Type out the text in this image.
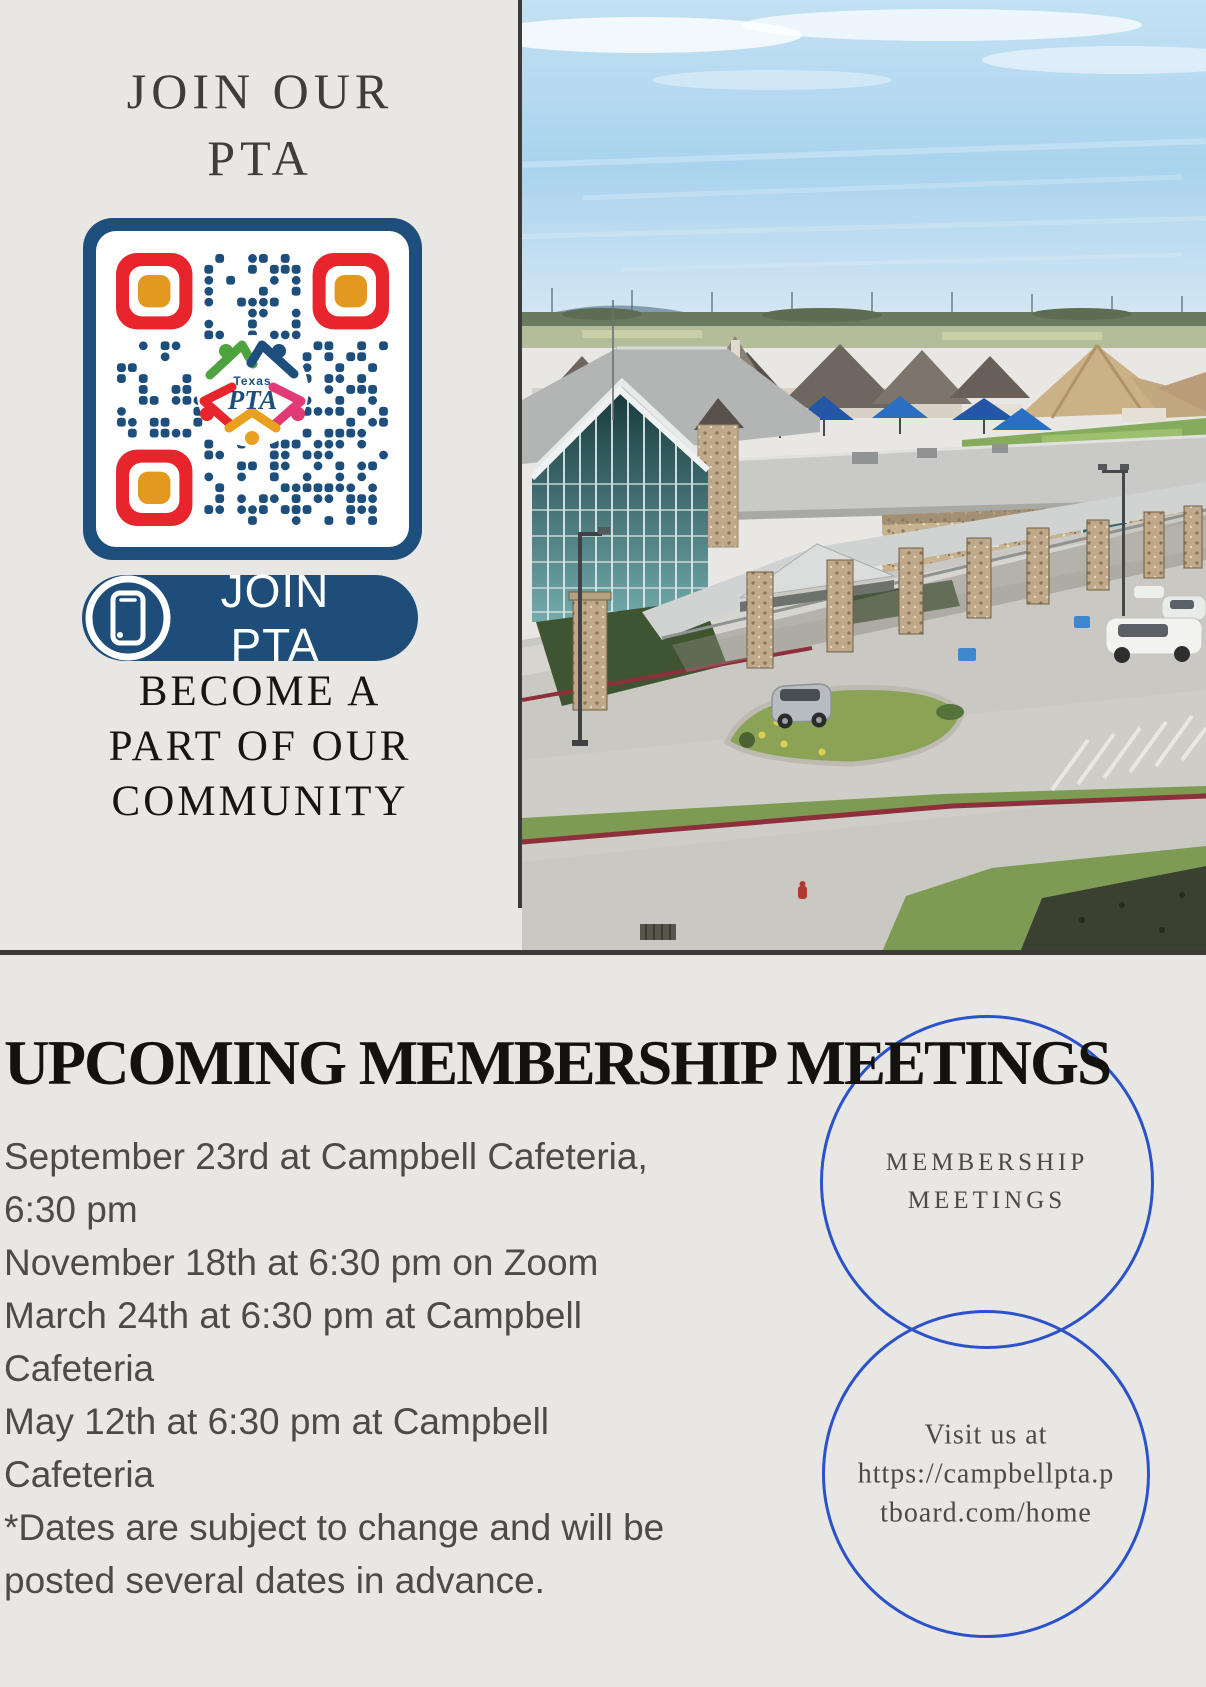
JOIN OUR
PTA
Texas
PTA
JOIN PTA
BECOME A
PART OF OUR
COMMUNITY
MEMBERSHIP
MEETINGS
Visit us at
https://campbellpta.p
tboard.com/home
UPCOMING MEMBERSHIP MEETINGS
September 23rd at Campbell Cafeteria,
6:30 pm
November 18th at 6:30 pm on Zoom
March 24th at 6:30 pm at Campbell
Cafeteria
May 12th at 6:30 pm at Campbell
Cafeteria
*Dates are subject to change and will be
posted several dates in advance.
